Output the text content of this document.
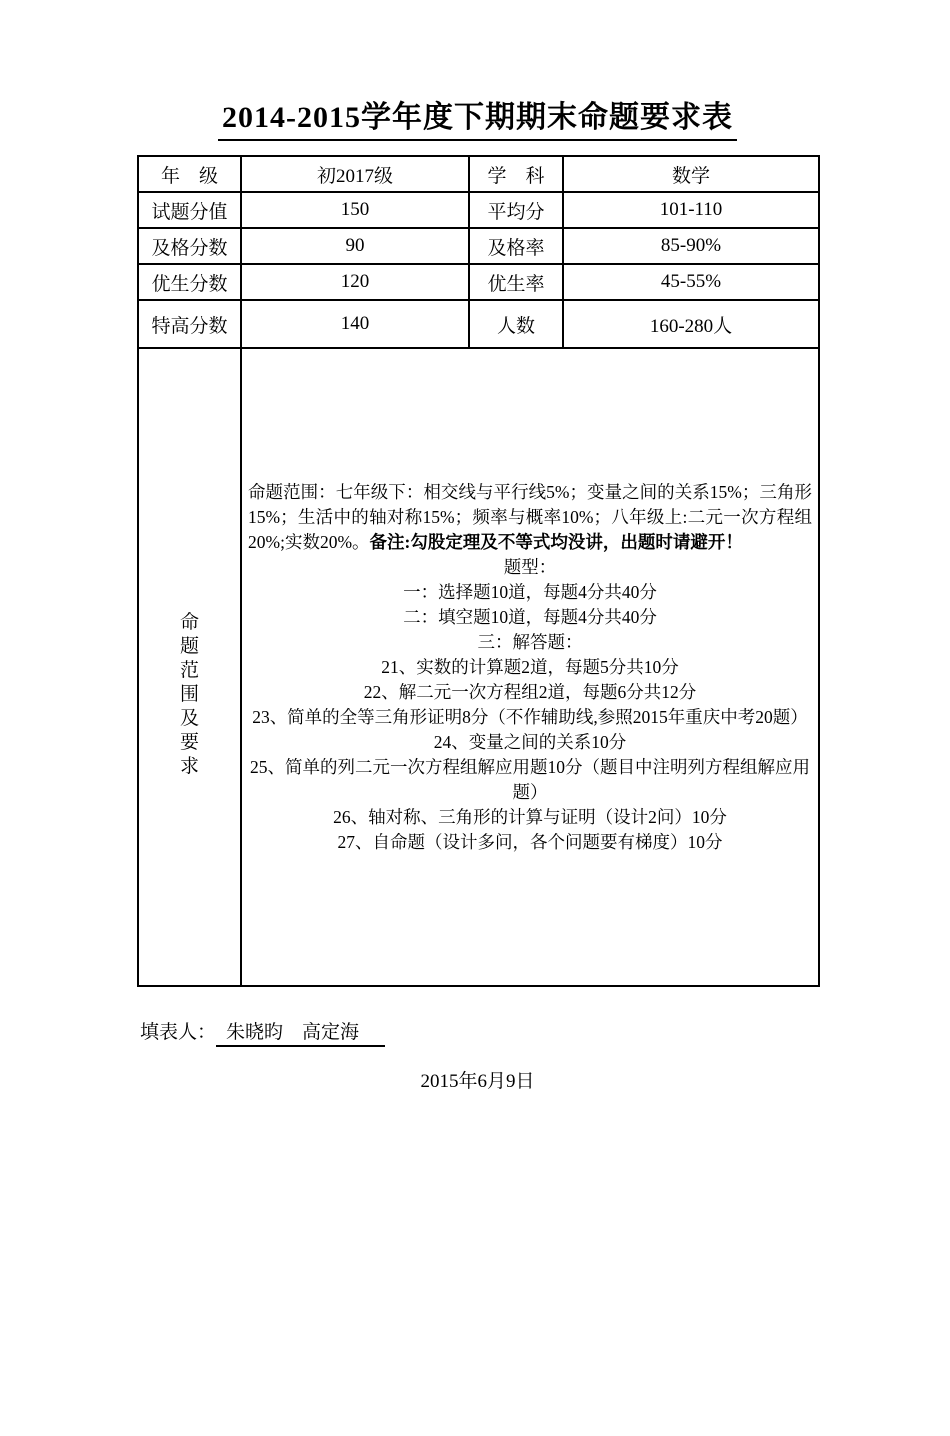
2014-2015学年度下期期末命题要求表
年　级	初2017级	学　科	数学
试题分值	150	平均分	101-110
及格分数	90	及格率	85-90%
优生分数	120	优生率	45-55%
特高分数	140	人数	160-280人

命题范围及要求

命题范围：七年级下：相交线与平行线5%；变量之间的关系15%；三角形15%；生活中的轴对称15%；频率与概率10%；八年级上:二元一次方程组20%;实数20%。备注:勾股定理及不等式均没讲，出题时请避开！

题型：
一：选择题10道，每题4分共40分
二：填空题10道，每题4分共40分
三：解答题：
21、实数的计算题2道，每题5分共10分
22、解二元一次方程组2道，每题6分共12分
23、简单的全等三角形证明8分（不作辅助线,参照2015年重庆中考20题）
24、变量之间的关系10分
25、简单的列二元一次方程组解应用题10分（题目中注明列方程组解应用题）
26、轴对称、三角形的计算与证明（设计2问）10分
27、自命题（设计多问，各个问题要有梯度）10分
填表人： 朱晓昀　高定海
2015年6月9日
